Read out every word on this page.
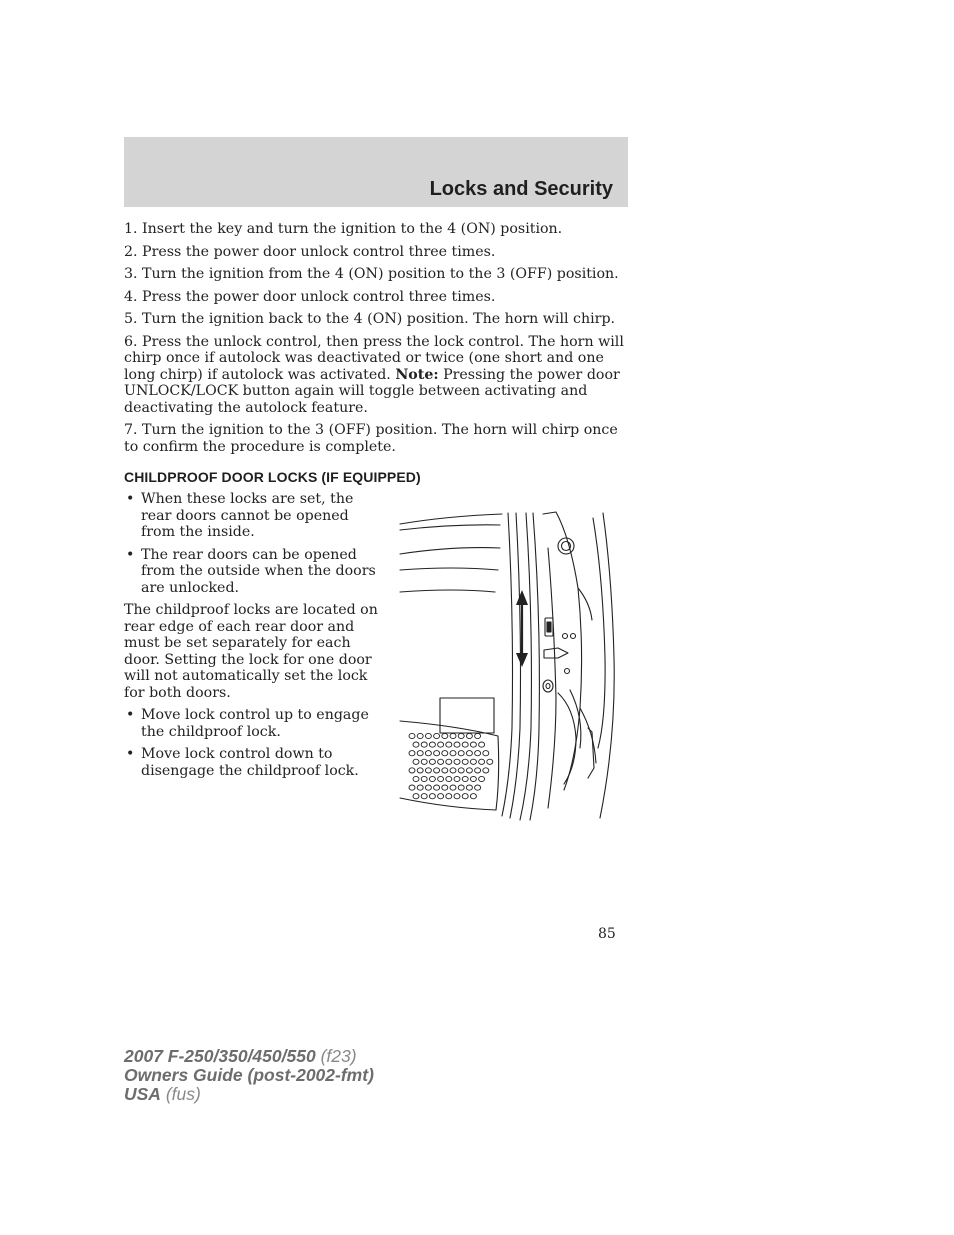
Locks and Security
1. Insert the key and turn the ignition to the 4 (ON) position.
2. Press the power door unlock control three times.
3. Turn the ignition from the 4 (ON) position to the 3 (OFF) position.
4. Press the power door unlock control three times.
5. Turn the ignition back to the 4 (ON) position. The horn will chirp.
6. Press the unlock control, then press the lock control. The horn will chirp once if autolock was deactivated or twice (one short and one long chirp) if autolock was activated. Note: Pressing the power door UNLOCK/LOCK button again will toggle between activating and deactivating the autolock feature.
7. Turn the ignition to the 3 (OFF) position. The horn will chirp once to confirm the procedure is complete.
CHILDPROOF DOOR LOCKS (IF EQUIPPED)
• When these locks are set, the rear doors cannot be opened from the inside.
• The rear doors can be opened from the outside when the doors are unlocked.
The childproof locks are located on rear edge of each rear door and must be set separately for each door. Setting the lock for one door will not automatically set the lock for both doors.
• Move lock control up to engage the childproof lock.
• Move lock control down to disengage the childproof lock.
85
2007 F-250/350/450/550 (f23)
Owners Guide (post-2002-fmt)
USA (fus)
